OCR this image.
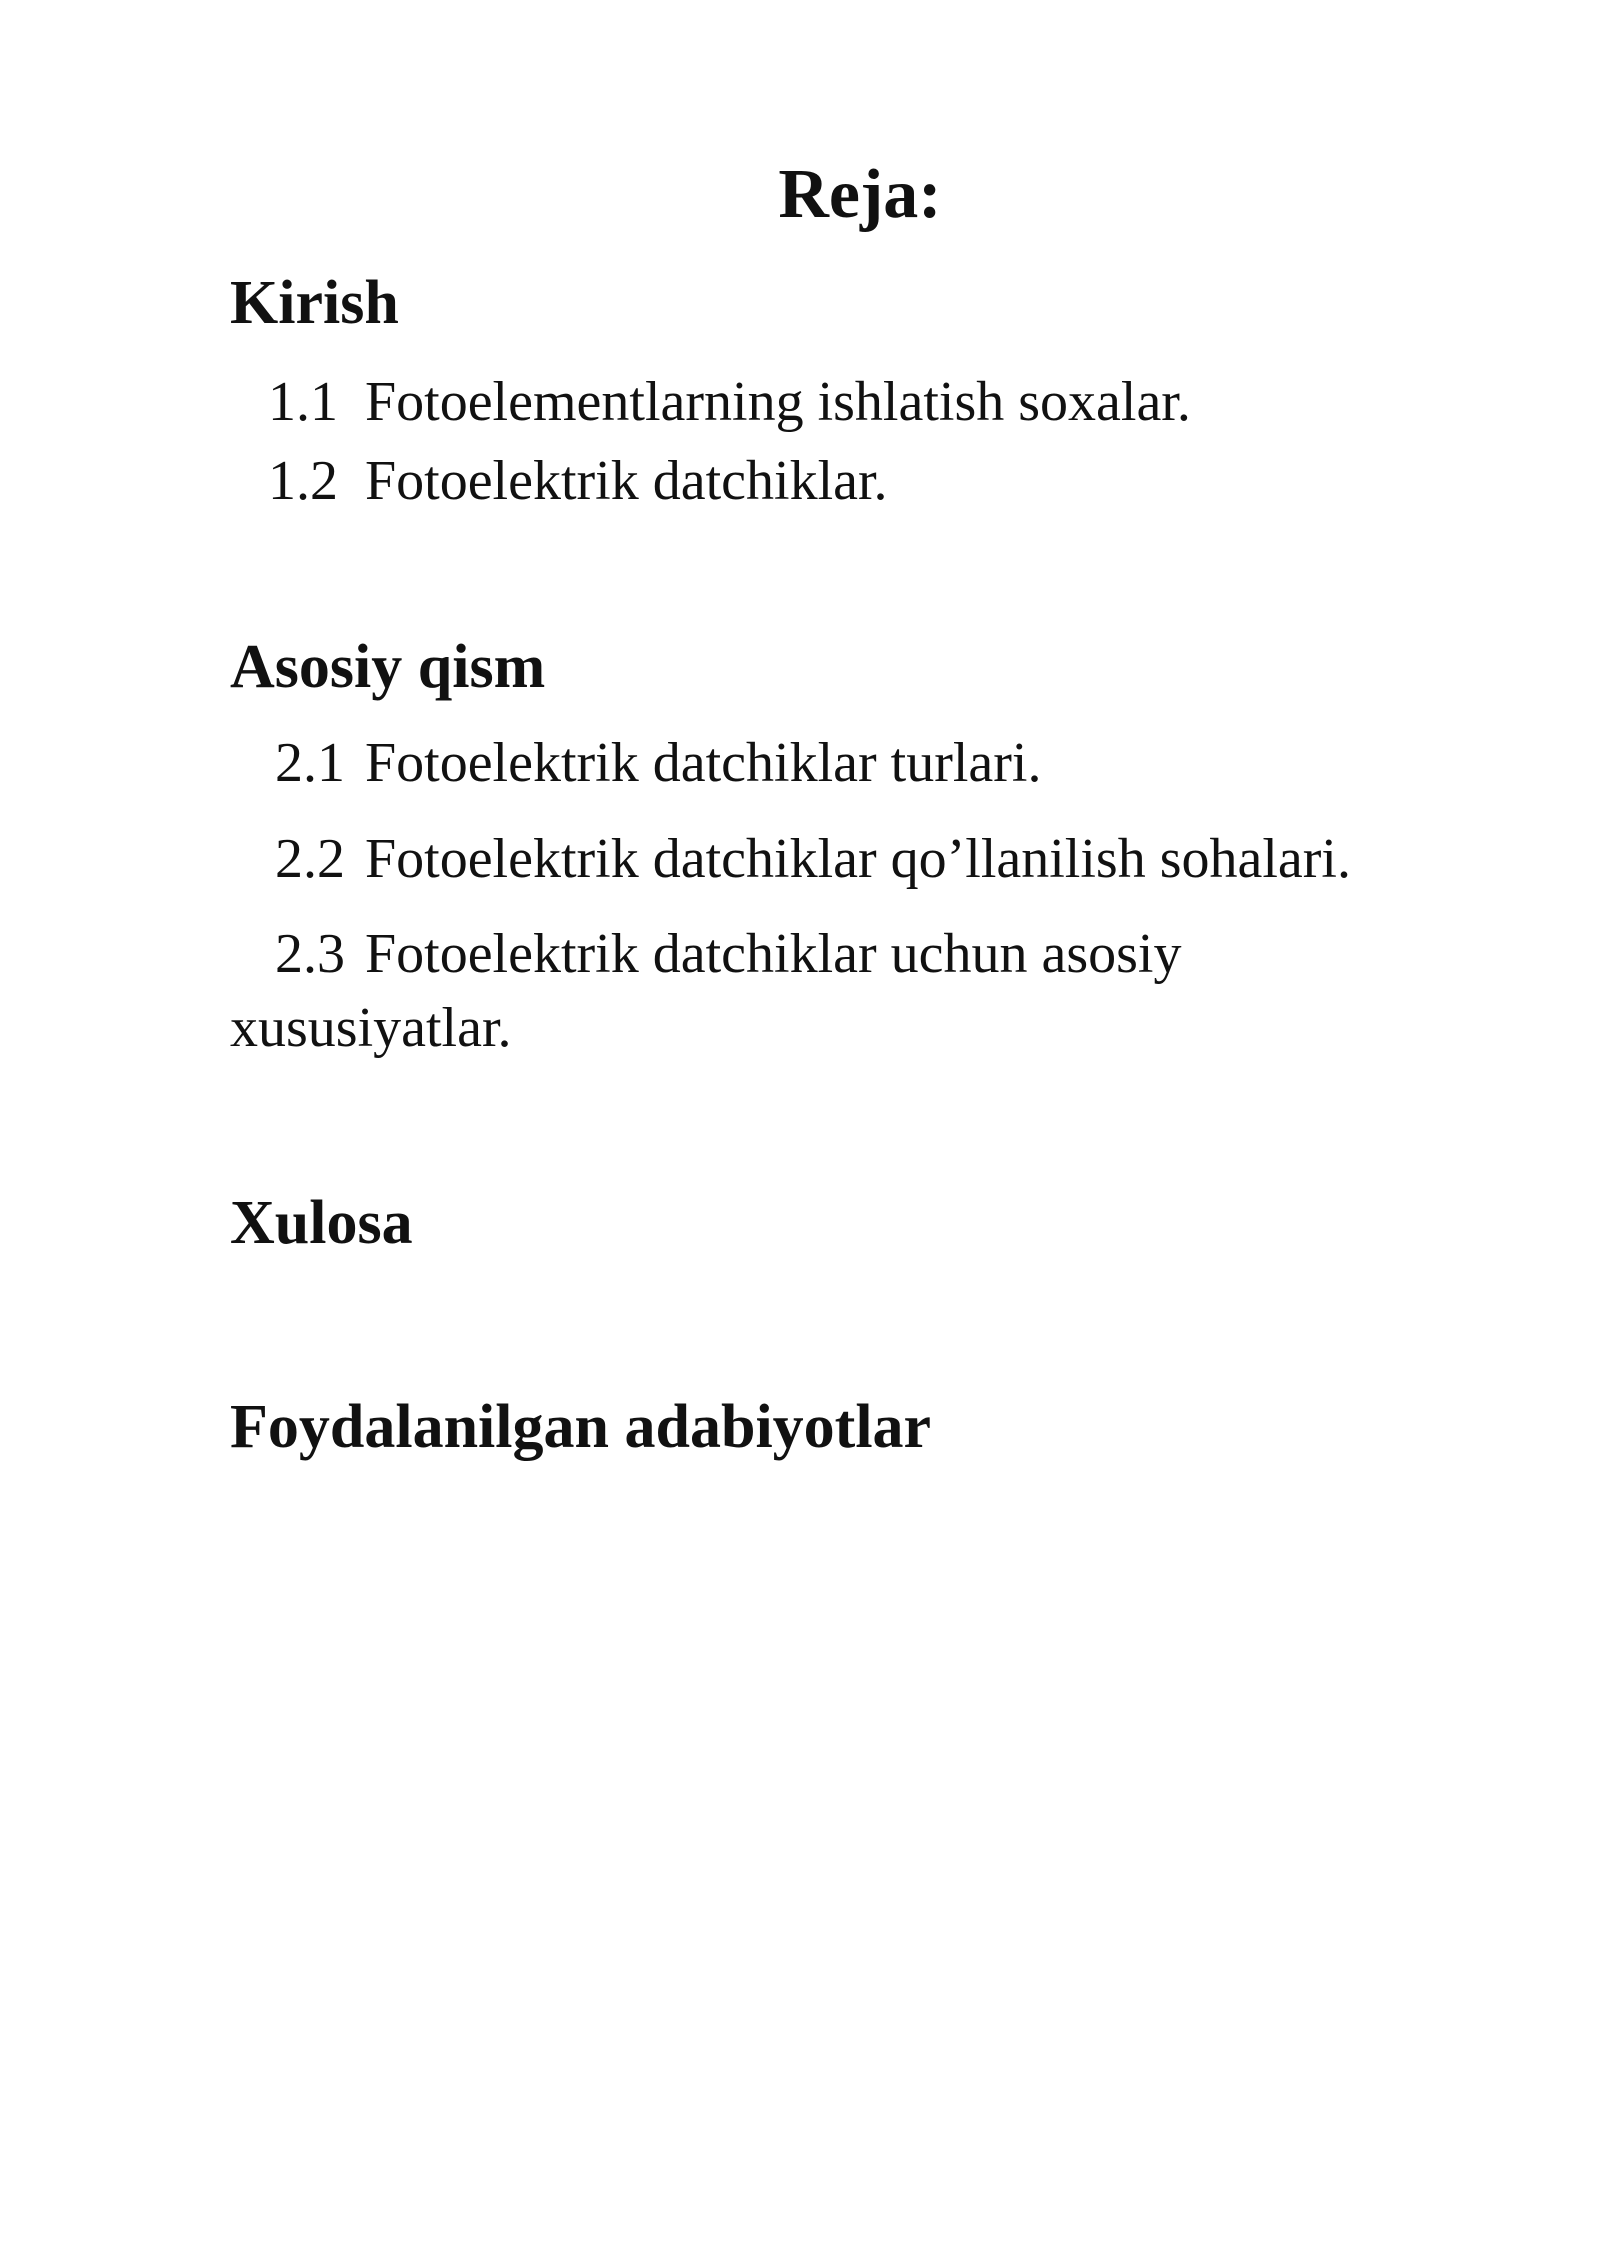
Reja:
Kirish
1.1 Fotoelementlarning ishlatish soxalar.
1.2 Fotoelektrik datchiklar.
Asosiy qism
2.1 Fotoelektrik datchiklar turlari.
2.2 Fotoelektrik datchiklar qo’llanilish sohalari.
2.3 Fotoelektrik datchiklar uchun asosiy
xususiyatlar.
Xulosa
Foydalanilgan adabiyotlar
